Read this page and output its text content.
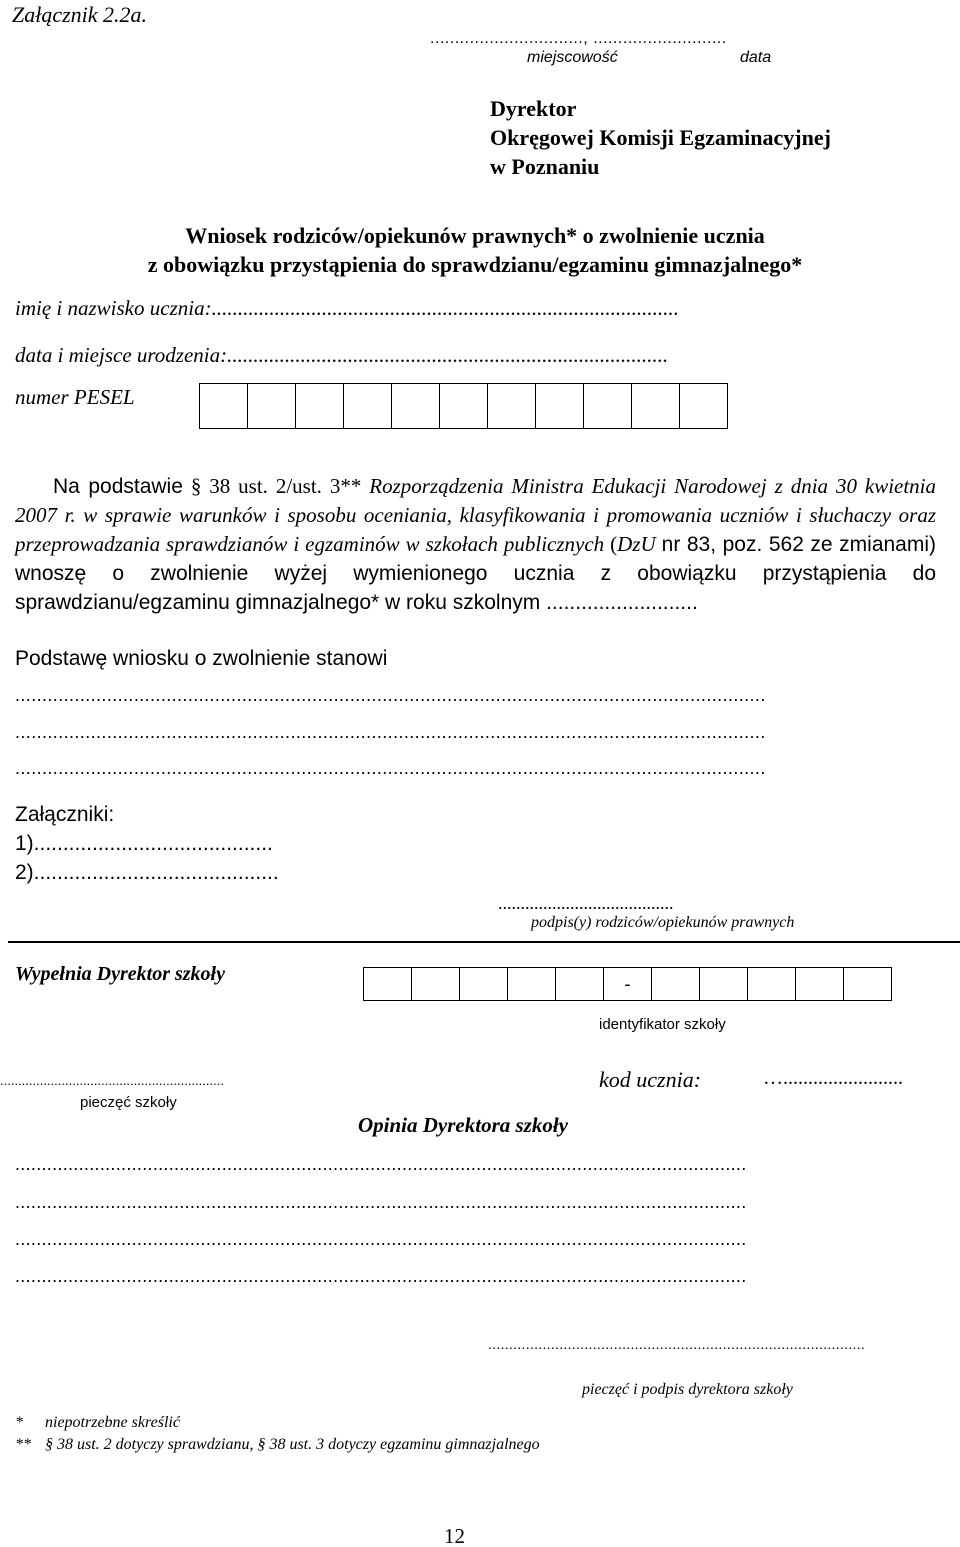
Załącznik 2.2a.
..............................., ...........................
miejscowość	data
Dyrektor
Okręgowej Komisji Egzaminacyjnej
w Poznaniu
Wniosek rodziców/opiekunów prawnych* o zwolnienie ucznia
z obowiązku przystąpienia do sprawdzianu/egzaminu gimnazjalnego*
imię i nazwisko ucznia:.........................................................................................
data i miejsce urodzenia:....................................................................................
numer PESEL
Na podstawie § 38 ust. 2/ust. 3** Rozporządzenia Ministra Edukacji Narodowej z dnia 30 kwietnia 2007 r. w sprawie warunków i sposobu oceniania, klasyfikowania i promowania uczniów i słuchaczy oraz przeprowadzania sprawdzianów i egzaminów w szkołach publicznych (DzU nr 83, poz. 562 ze zmianami) wnoszę o zwolnienie wyżej wymienionego ucznia z obowiązku przystąpienia do sprawdzianu/egzaminu gimnazjalnego* w roku szkolnym ..........................
Podstawę wniosku o zwolnienie stanowi
...........................................................................................................................................
...........................................................................................................................................
...........................................................................................................................................
Załączniki:
1).........................................
2)..........................................
.......................................
podpis(y) rodziców/opiekunów prawnych
Wypełnia Dyrektor szkoły	-
identyfikator szkoły
..............................................................
pieczęć szkoły
kod ucznia:	…........................
Opinia Dyrektora szkoły
..........................................................................................................................................
..........................................................................................................................................
..........................................................................................................................................
..........................................................................................................................................
..........................................................................................
pieczęć i podpis dyrektora szkoły
* niepotrzebne skreślić
** § 38 ust. 2 dotyczy sprawdzianu, § 38 ust. 3 dotyczy egzaminu gimnazjalnego
12
